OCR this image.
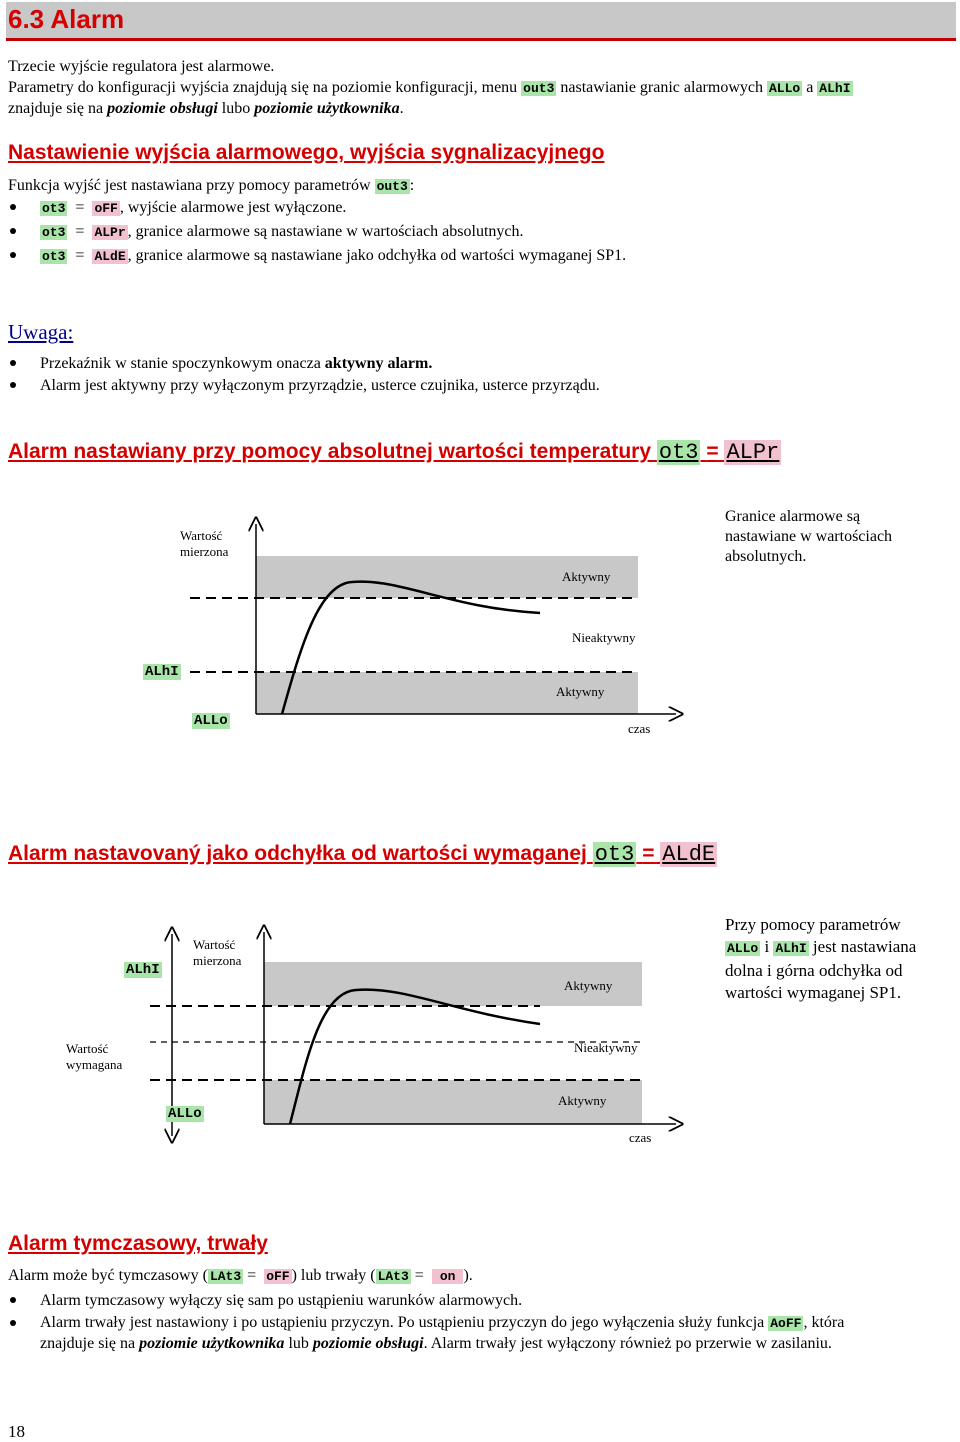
6.3 Alarm
Trzecie wyjście regulatora jest alarmowe.
Parametry do konfiguracji wyjścia znajdują się na poziomie konfiguracji, menu out3 nastawianie granic alarmowych ALLo a ALhI
znajduje się na poziomie obsługi lubo poziomie użytkownika.
Nastawienie wyjścia alarmowego, wyjścia sygnalizacyjnego
Funkcja wyjść jest nastawiana przy pomocy parametrów out3 :
ot3 = oFF , wyjście alarmowe jest wyłączone.
ot3 = ALPr , granice alarmowe są nastawiane w wartościach absolutnych.
ot3 = ALdE , granice alarmowe są nastawiane jako odchyłka od wartości wymaganej SP1.
Uwaga:
Przekaźnik w stanie spoczynkowym onacza aktywny alarm.
Alarm jest aktywny przy wyłączonym przyrządzie, usterce czujnika, usterce przyrządu.
Alarm nastawiany przy pomocy absolutnej wartości temperatury ot3 = ALPr
Wartość mierzona
Aktywny
Nieaktywny
ALhI
Aktywny
ALLo	czas
Granice alarmowe są
nastawiane w wartościach
absolutnych.
Alarm nastavovaný jako odchyłka od wartości wymaganej ot3 = ALdE
ALhI
Wartość mierzona
Aktywny
Wartość wymagana
Nieaktywny
ALLo
Aktywny
czas
Przy pomocy parametrów
ALLo i ALhI jest nastawiana
dolna i górna odchyłka od
wartości wymaganej SP1.
Alarm tymczasowy, trwały
Alarm może być tymczasowy ( LAt3 =  oFF ) lub trwały ( LAt3 =  on ).
Alarm tymczasowy wyłączy się sam po ustąpieniu warunków alarmowych.
Alarm trwały jest nastawiony i po ustąpieniu przyczyn. Po ustąpieniu przyczyn do jego wyłączenia służy funkcja AoFF , która
znajduje się na poziomie użytkownika lub poziomie obsługi. Alarm trwały jest wyłączony również po przerwie w zasilaniu.
18
